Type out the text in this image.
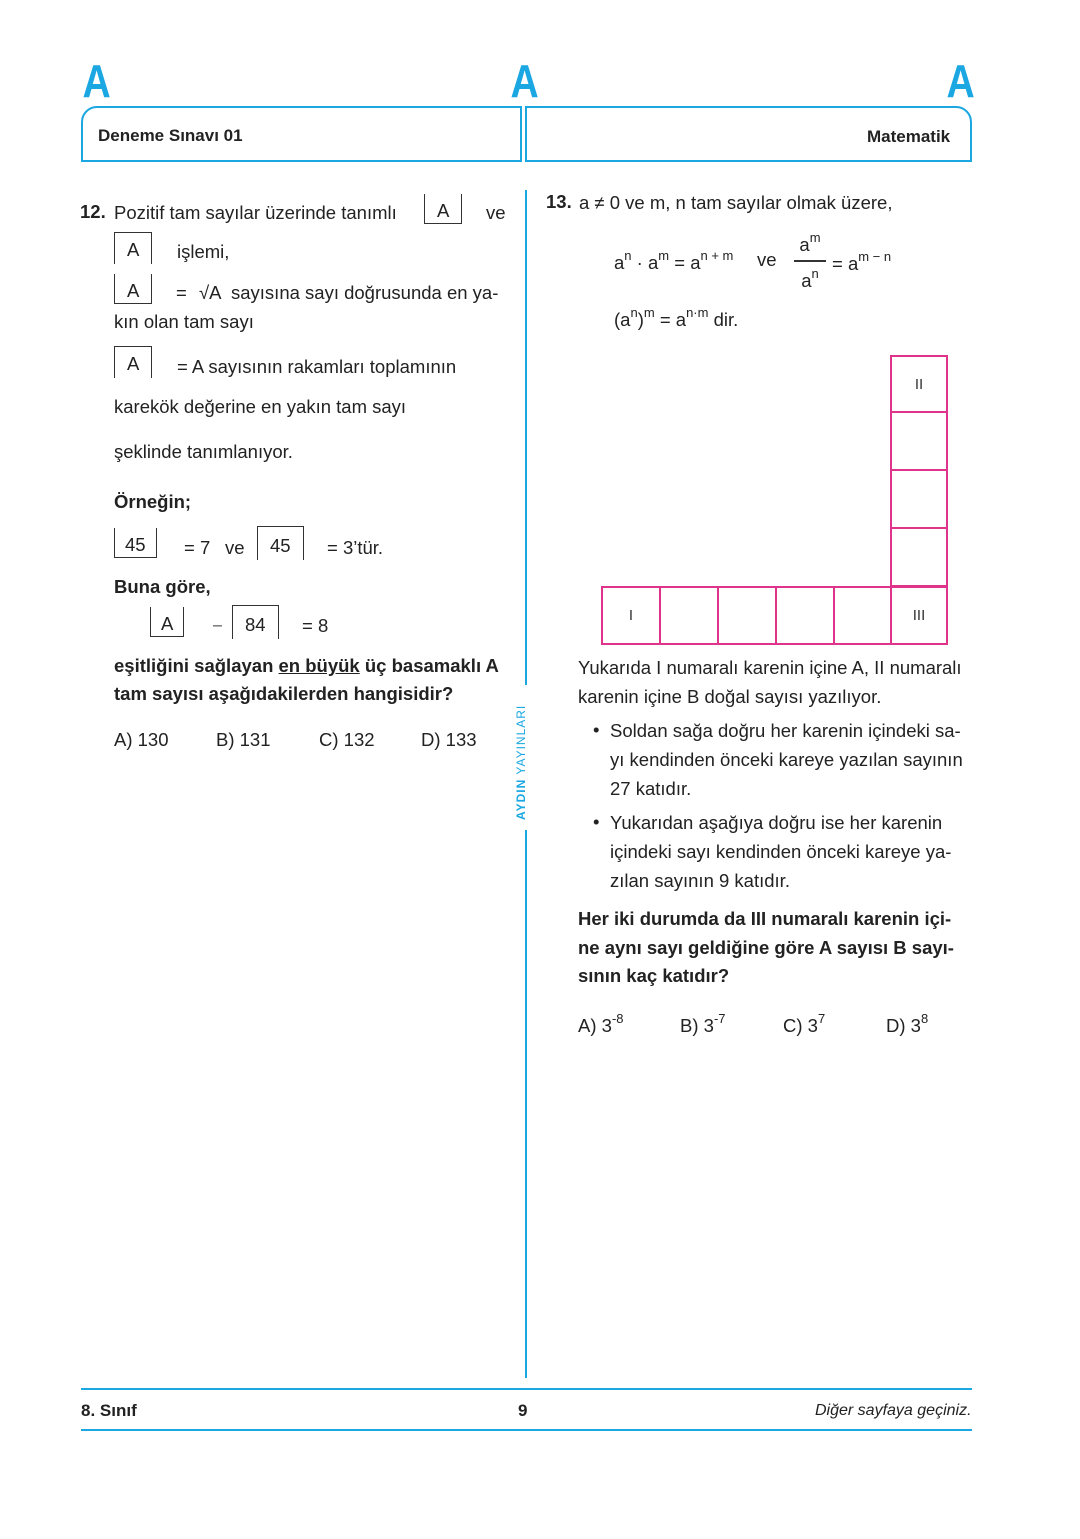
A	A	A
Deneme Sınavı 01	Matematik
AYDIN YAYINLARI
12. Pozitif tam sayılar üzerinde tanımlı	A	ve
A	işlemi,
A	= √A sayısına sayı doğrusunda en ya-
kın olan tam sayı
A	= A sayısının rakamları toplamının
karekök değerine en yakın tam sayı
şeklinde tanımlanıyor.
Örneğin;
45	= 7 ve	45	= 3’tür.
Buna göre,
A	−	84	= 8
eşitliğini sağlayan en büyük üç basamaklı A
tam sayısı aşağıdakilerden hangisidir?
A) 130	B) 131	C) 132	D) 133
13. a ≠ 0 ve m, n tam sayılar olmak üzere,
$a^n \cdot a^m = a^{n + m}$ ve
$a^m$
$a^n = a^{m - n}$
$(a^n)^m = a^{n\cdot m}$ dir.
II
I	III
Yukarıda I numaralı karenin içine A, II numaralı
karenin içine B doğal sayısı yazılıyor.
• Soldan sağa doğru her karenin içindeki sa-
yı kendinden önceki kareye yazılan sayının
27 katıdır.
• Yukarıdan aşağıya doğru ise her karenin
içindeki sayı kendinden önceki kareye ya-
zılan sayının 9 katıdır.
Her iki durumda da III numaralı karenin içi-
ne aynı sayı geldiğine göre A sayısı B sayı-
sının kaç katıdır?
A) $3^{-8}$	B) $3^{-7}$	C) $3^7$	D) $3^8$
8. Sınıf	9	Diğer sayfaya geçiniz.
